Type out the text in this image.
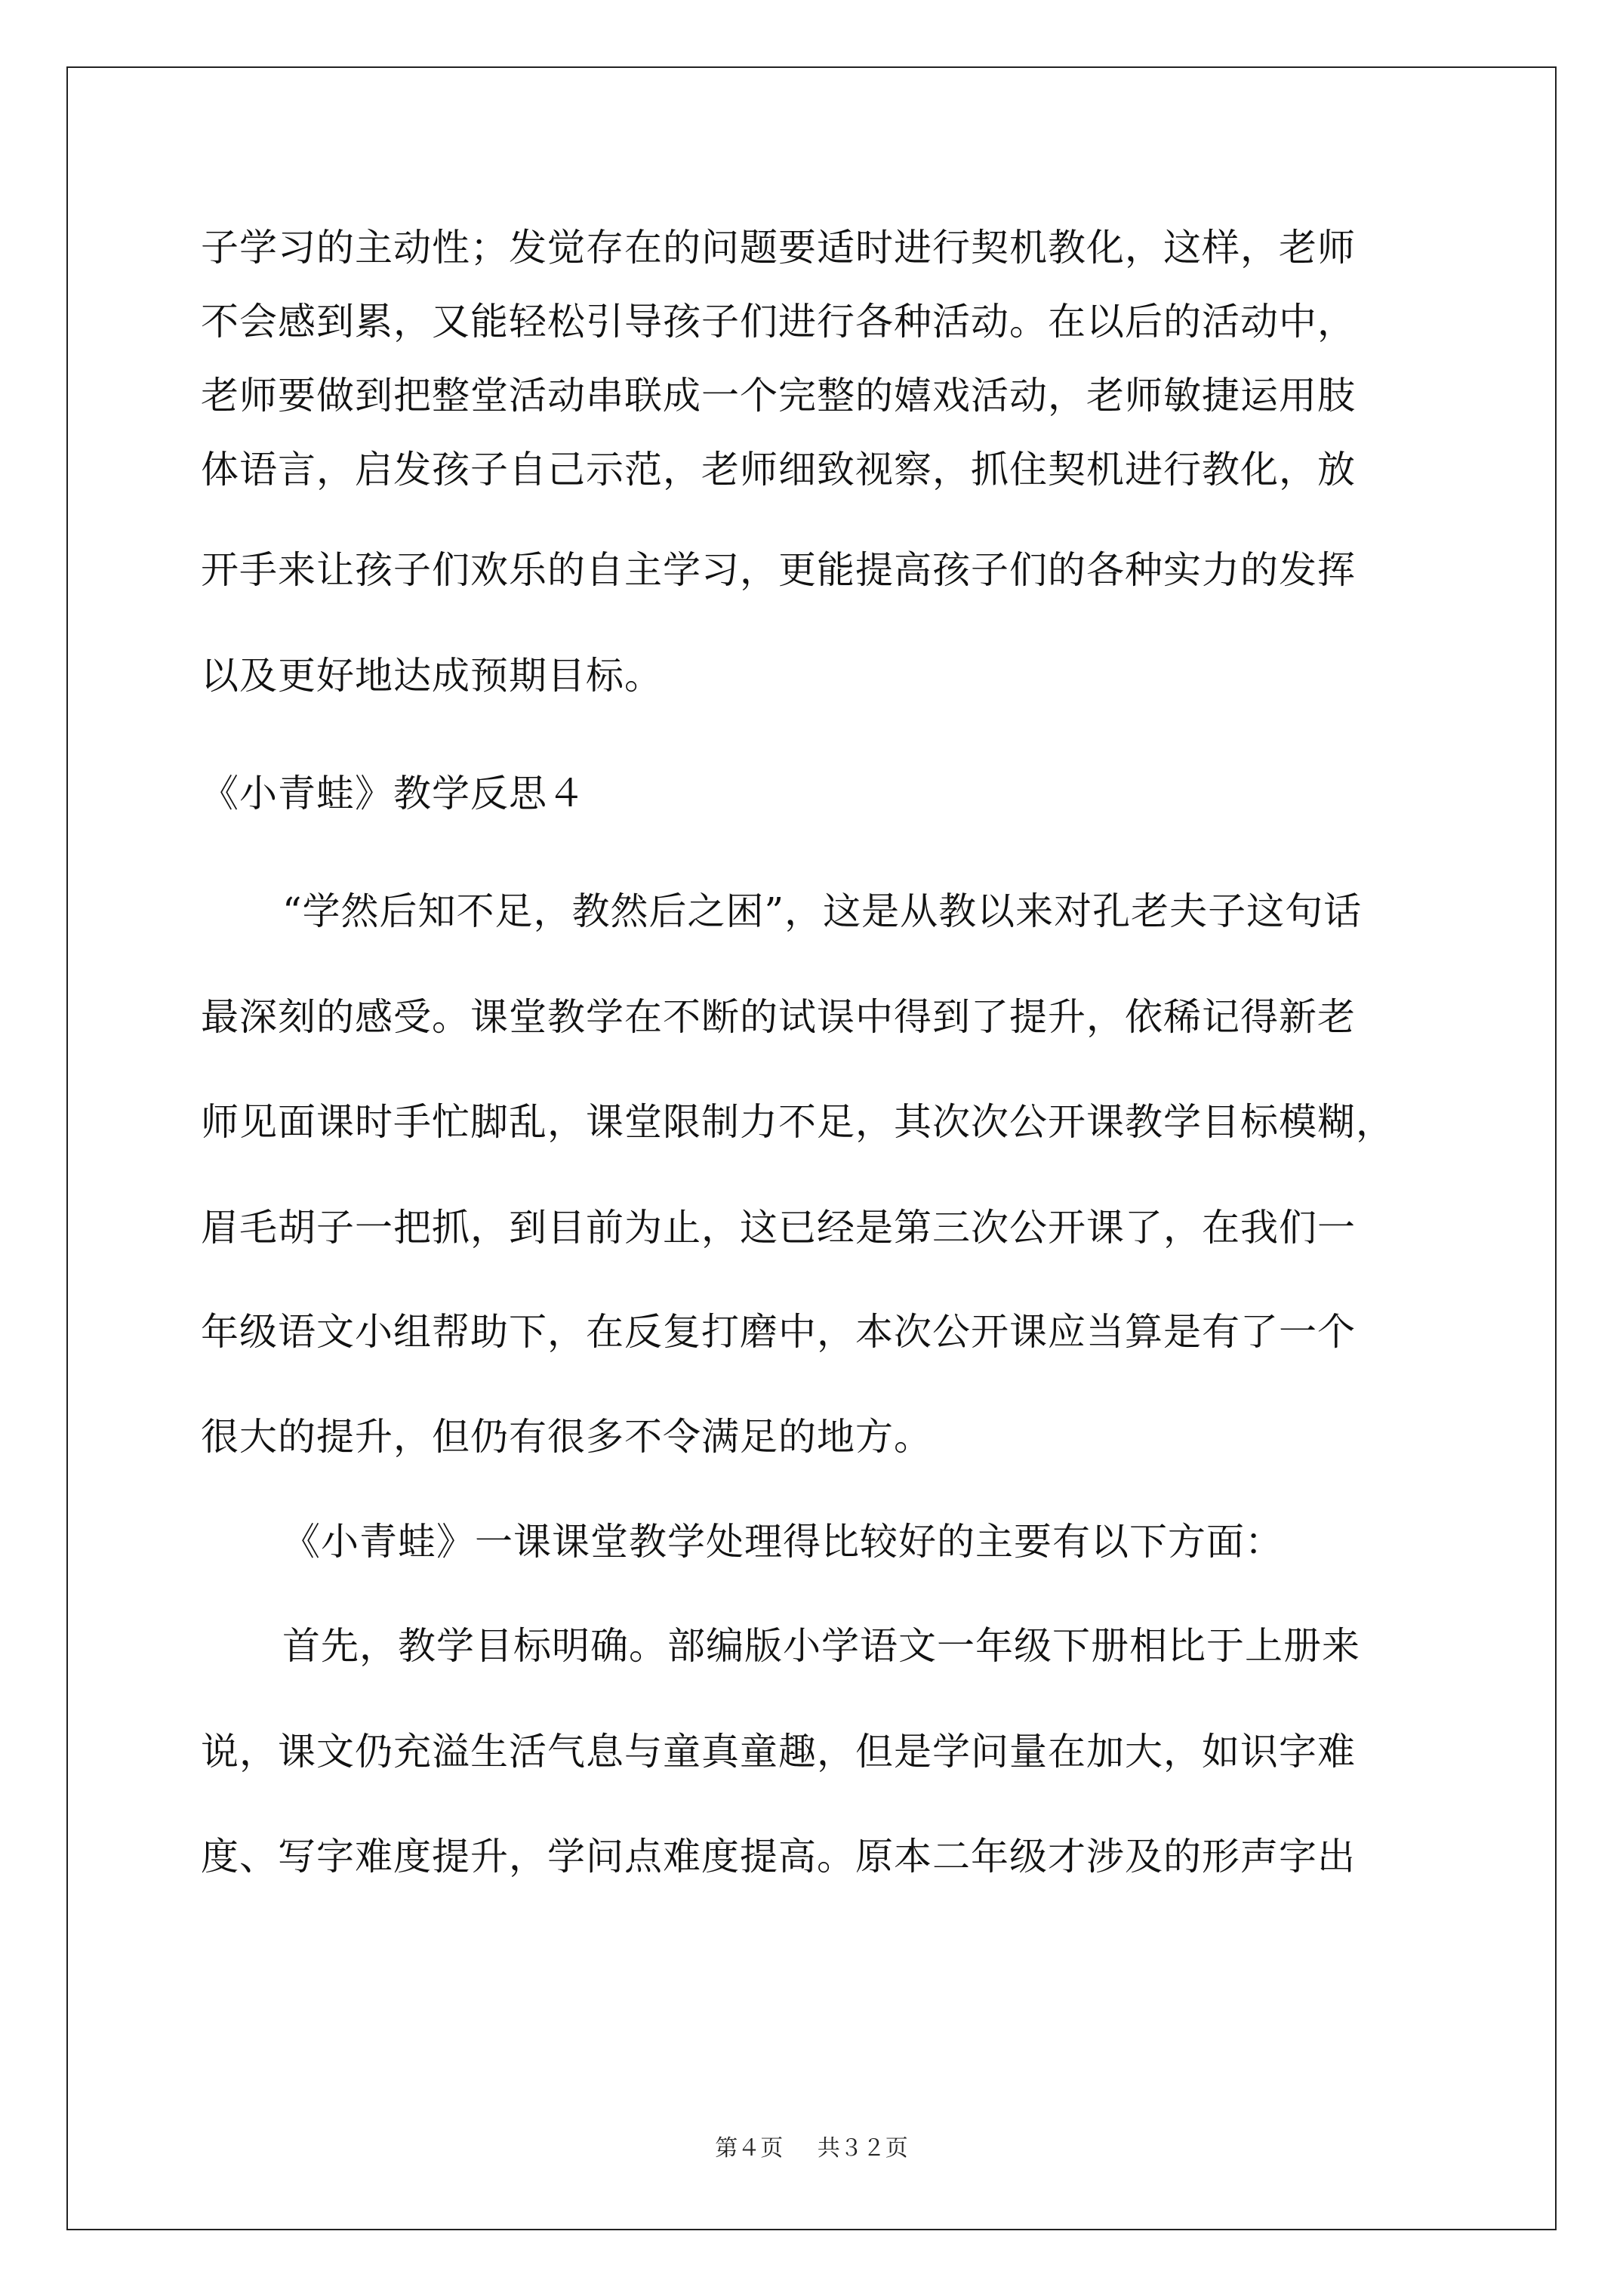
子学习的主动性；发觉存在的问题要适时进行契机教化，这样，老师
不会感到累，又能轻松引导孩子们进行各种活动。在以后的活动中，
老师要做到把整堂活动串联成一个完整的嬉戏活动，老师敏捷运用肢
体语言，启发孩子自己示范，老师细致视察，抓住契机进行教化，放
开手来让孩子们欢乐的自主学习，更能提高孩子们的各种实力的发挥
以及更好地达成预期目标。
《小青蛙》教学反思４
“学然后知不足，教然后之困”，这是从教以来对孔老夫子这句话
最深刻的感受。课堂教学在不断的试误中得到了提升，依稀记得新老
师见面课时手忙脚乱，课堂限制力不足，其次次公开课教学目标模糊，
眉毛胡子一把抓，到目前为止，这已经是第三次公开课了，在我们一
年级语文小组帮助下，在反复打磨中，本次公开课应当算是有了一个
很大的提升，但仍有很多不令满足的地方。
《小青蛙》一课课堂教学处理得比较好的主要有以下方面：
首先，教学目标明确。部编版小学语文一年级下册相比于上册来
说，课文仍充溢生活气息与童真童趣，但是学问量在加大，如识字难
度、写字难度提升，学问点难度提高。原本二年级才涉及的形声字出
第４页 共３２页
